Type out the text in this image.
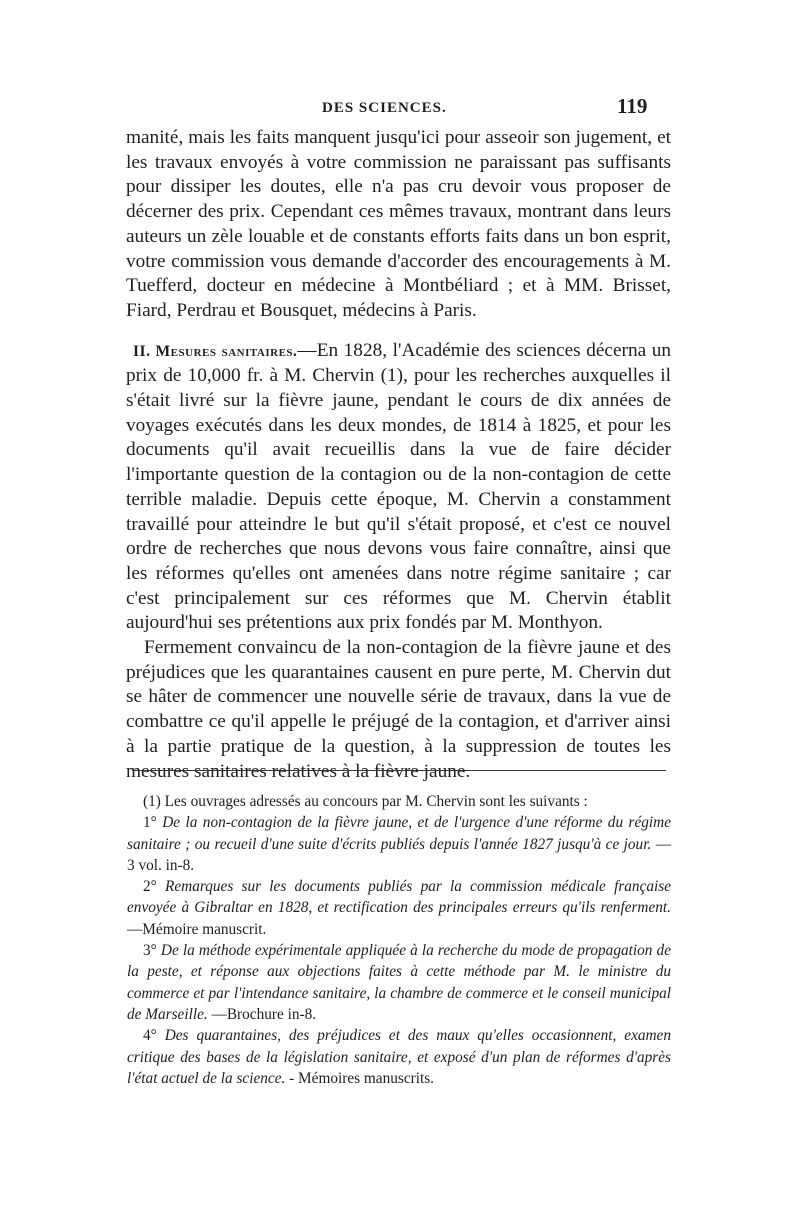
DES SCIENCES.	119

manité, mais les faits manquent jusqu'ici pour asseoir son jugement, et les travaux envoyés à votre commission ne paraissant pas suffisants pour dissiper les doutes, elle n'a pas cru devoir vous proposer de décerner des prix. Cependant ces mêmes travaux, montrant dans leurs auteurs un zèle louable et de constants efforts faits dans un bon esprit, votre commission vous demande d'accorder des encouragements à M. Tuefferd, docteur en médecine à Montbéliard ; et à MM. Brisset, Fiard, Perdrau et Bousquet, médecins à Paris.

II. Mesures sanitaires.—En 1828, l'Académie des sciences décerna un prix de 10,000 fr. à M. Chervin (1), pour les recherches auxquelles il s'était livré sur la fièvre jaune, pendant le cours de dix années de voyages exécutés dans les deux mondes, de 1814 à 1825, et pour les documents qu'il avait recueillis dans la vue de faire décider l'importante question de la contagion ou de la non-contagion de cette terrible maladie. Depuis cette époque, M. Chervin a constamment travaillé pour atteindre le but qu'il s'était proposé, et c'est ce nouvel ordre de recherches que nous devons vous faire connaître, ainsi que les réformes qu'elles ont amenées dans notre régime sanitaire ; car c'est principalement sur ces réformes que M. Chervin établit aujourd'hui ses prétentions aux prix fondés par M. Monthyon.

Fermement convaincu de la non-contagion de la fièvre jaune et des préjudices que les quarantaines causent en pure perte, M. Chervin dut se hâter de commencer une nouvelle série de travaux, dans la vue de combattre ce qu'il appelle le préjugé de la contagion, et d'arriver ainsi à la partie pratique de la question, à la suppression de toutes les mesures sanitaires relatives à la fièvre jaune.

(1) Les ouvrages adressés au concours par M. Chervin sont les suivants :

1° De la non-contagion de la fièvre jaune, et de l'urgence d'une réforme du régime sanitaire ; ou recueil d'une suite d'écrits publiés depuis l'année 1827 jusqu'à ce jour. — 3 vol. in-8.

2° Remarques sur les documents publiés par la commission médicale française envoyée à Gibraltar en 1828, et rectification des principales erreurs qu'ils renferment. —Mémoire manuscrit.

3° De la méthode expérimentale appliquée à la recherche du mode de propagation de la peste, et réponse aux objections faites à cette méthode par M. le ministre du commerce et par l'intendance sanitaire, la chambre de commerce et le conseil municipal de Marseille. —Brochure in-8.

4° Des quarantaines, des préjudices et des maux qu'elles occasionnent, examen critique des bases de la législation sanitaire, et exposé d'un plan de réformes d'après l'état actuel de la science. - Mémoires manuscrits.
